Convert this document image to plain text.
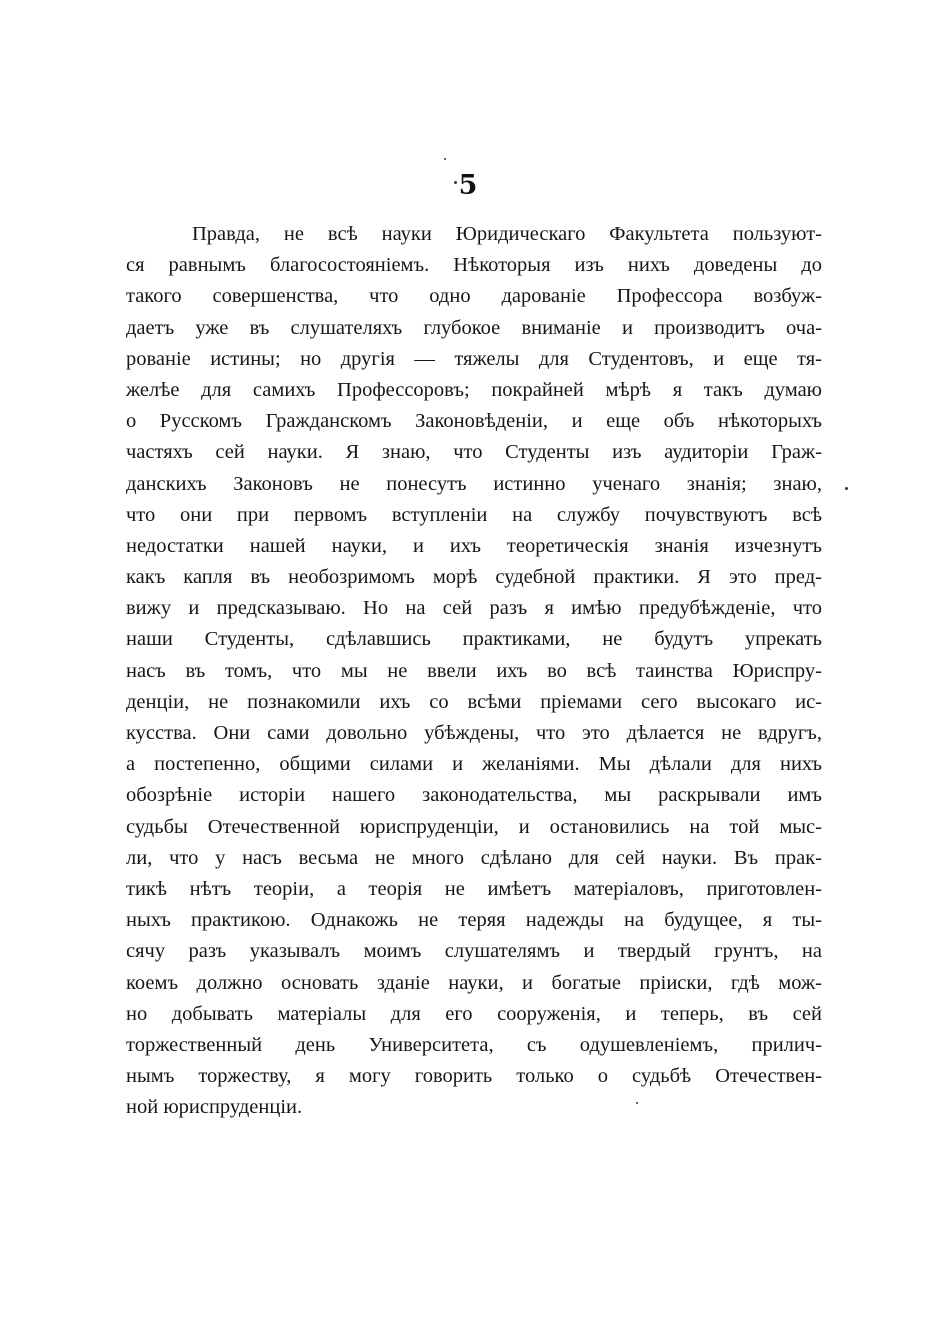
5
Правда, не всѣ науки Юридическаго Факультета пользуют-
ся равнымъ благосостояніемъ. Нѣкоторыя изъ нихъ доведены до
такого совершенства, что одно дарованіе Профессора возбуж-
даетъ уже въ слушателяхъ глубокое вниманіе и производитъ оча-
рованіе истины; но другія — тяжелы для Студентовъ, и еще тя-
желѣе для самихъ Профессоровъ; покрайней мѣрѣ я такъ думаю
о Русскомъ Гражданскомъ Законовѣденіи, и еще объ нѣкоторыхъ
частяхъ сей науки. Я знаю, что Студенты изъ аудиторіи Граж-
данскихъ Законовъ не понесутъ истинно ученаго знанія; знаю,
что они при первомъ вступленіи на службу почувствуютъ всѣ
недостатки нашей науки, и ихъ теоретическія знанія изчезнутъ
какъ капля въ необозримомъ морѣ судебной практики. Я это пред-
вижу и предсказываю. Но на сей разъ я имѣю предубѣжденіе, что
наши Студенты, сдѣлавшись практиками, не будутъ упрекать
насъ въ томъ, что мы не ввели ихъ во всѣ таинства Юриспру-
денціи, не познакомили ихъ со всѣми пріемами сего высокаго ис-
кусства. Они сами довольно убѣждены, что это дѣлается не вдругъ,
а постепенно, общими силами и желаніями. Мы дѣлали для нихъ
обозрѣніе исторіи нашего законодательства, мы раскрывали имъ
судьбы Отечественной юриспруденціи, и остановились на той мыс-
ли, что у насъ весьма не много сдѣлано для сей науки. Въ прак-
тикѣ нѣтъ теоріи, а теорія не имѣетъ матеріаловъ, приготовлен-
ныхъ практикою. Однакожь не теряя надежды на будущее, я ты-
сячу разъ указывалъ моимъ слушателямъ и твердый грунтъ, на
коемъ должно основать зданіе науки, и богатые пріиски, гдѣ мож-
но добывать матеріалы для его сооруженія, и теперь, въ сей
торжественный день Университета, съ одушевленіемъ, прилич-
нымъ торжеству, я могу говорить только о судьбѣ Отечествен-
ной юриспруденціи.
